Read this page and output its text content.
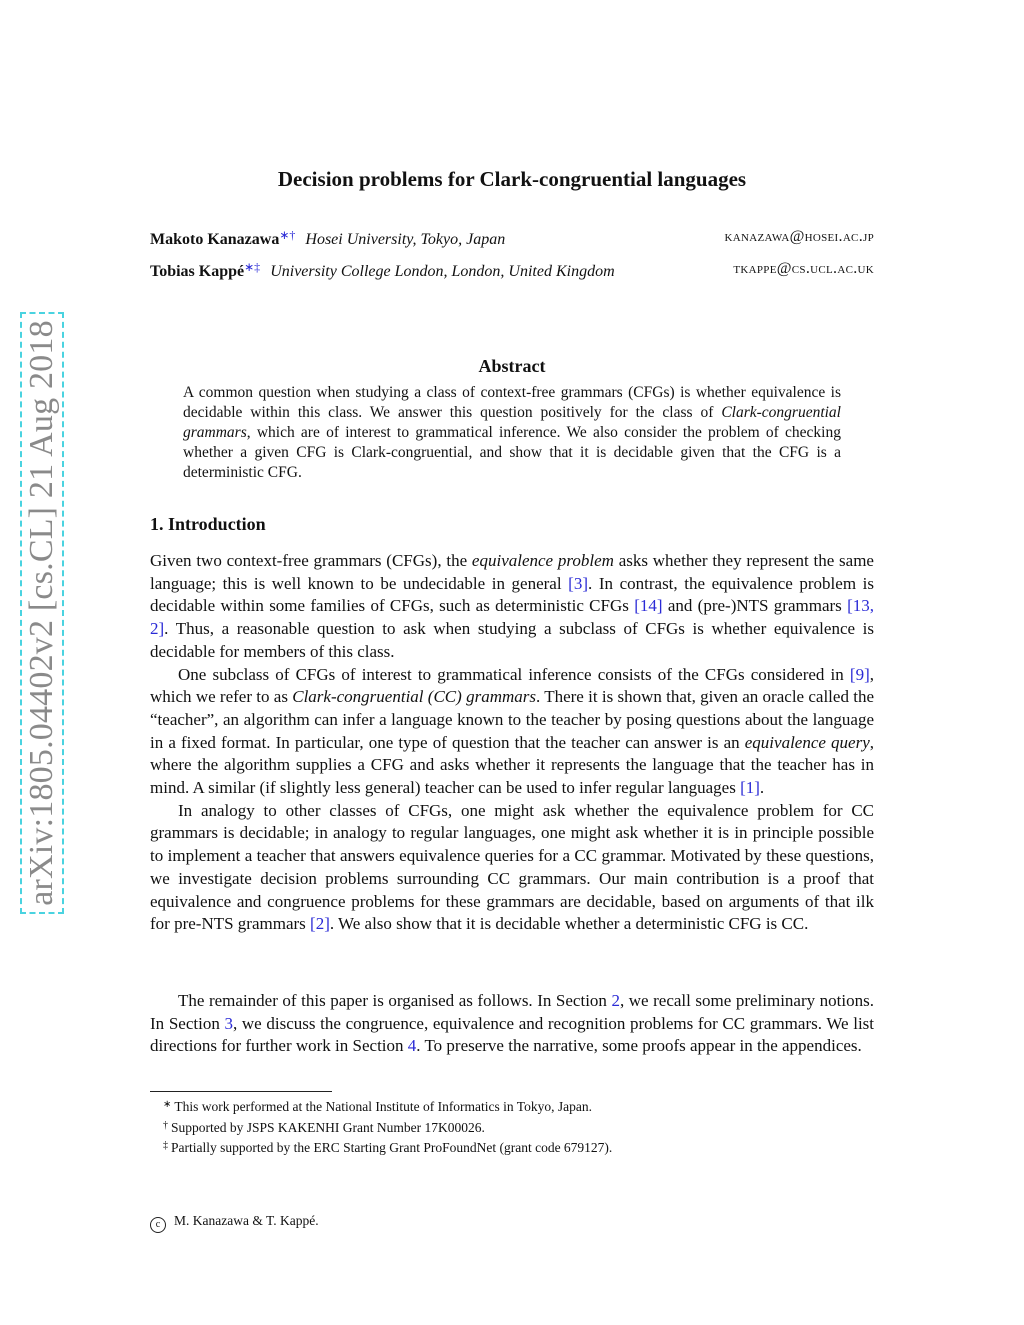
arXiv:1805.04402v2 [cs.CL] 21 Aug 2018
Decision problems for Clark-congruential languages
Makoto Kanazawa∗† Hosei University, Tokyo, Japan	kanazawa@hosei.ac.jp
Tobias Kappé∗‡ University College London, London, United Kingdom	tkappe@cs.ucl.ac.uk
Abstract
A common question when studying a class of context-free grammars (CFGs) is whether equivalence is decidable within this class. We answer this question positively for the class of Clark-congruential grammars, which are of interest to grammatical inference. We also consider the problem of checking whether a given CFG is Clark-congruential, and show that it is decidable given that the CFG is a deterministic CFG.
1. Introduction

Given two context-free grammars (CFGs), the equivalence problem asks whether they represent the same language; this is well known to be undecidable in general [3]. In contrast, the equivalence problem is decidable within some families of CFGs, such as deterministic CFGs [14] and (pre-)NTS grammars [13, 2]. Thus, a reasonable question to ask when studying a subclass of CFGs is whether equivalence is decidable for members of this class.

One subclass of CFGs of interest to grammatical inference consists of the CFGs considered in [9], which we refer to as Clark-congruential (CC) grammars. There it is shown that, given an oracle called the “teacher”, an algorithm can infer a language known to the teacher by posing questions about the language in a fixed format. In particular, one type of question that the teacher can answer is an equivalence query, where the algorithm supplies a CFG and asks whether it represents the language that the teacher has in mind. A similar (if slightly less general) teacher can be used to infer regular languages [1].

In analogy to other classes of CFGs, one might ask whether the equivalence problem for CC grammars is decidable; in analogy to regular languages, one might ask whether it is in principle possible to implement a teacher that answers equivalence queries for a CC grammar. Motivated by these questions, we investigate decision problems surrounding CC grammars. Our main contribution is a proof that equivalence and congruence problems for these grammars are decidable, based on arguments of that ilk for pre-NTS grammars [2]. We also show that it is decidable whether a deterministic CFG is CC.

The remainder of this paper is organised as follows. In Section 2, we recall some preliminary notions. In Section 3, we discuss the congruence, equivalence and recognition problems for CC grammars. We list directions for further work in Section 4. To preserve the narrative, some proofs appear in the appendices.

∗ This work performed at the National Institute of Informatics in Tokyo, Japan.
† Supported by JSPS KAKENHI Grant Number 17K00026.
‡ Partially supported by the ERC Starting Grant ProFoundNet (grant code 679127).
c M. Kanazawa & T. Kappé.
